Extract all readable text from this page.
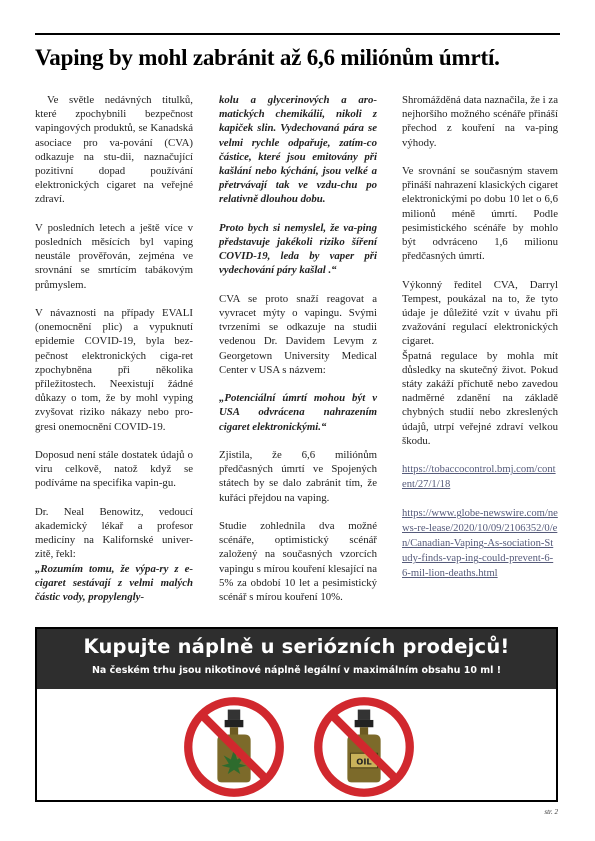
Vaping by mohl zabránit až 6,6 miliónům úmrtí.

Ve světle nedávných titulků, které zpochybnili bezpečnost vapingových produktů, se Kanadská asociace pro va-pování (CVA) odkazuje na stu-dii, naznačující pozitivní dopad používání elektronických cigaret na veřejné zdraví.

V posledních letech a ještě více v posledních měsících byl vaping neustále prověřován, zejména ve srovnání se smrtícím tabákovým průmyslem.

V návaznosti na případy EVALI (onemocnění plic) a vypuknutí epidemie COVID-19, byla bez-pečnost elektronických ciga-ret zpochybněna při několika příležitostech. Neexistují žádné důkazy o tom, že by mohl vyping zvyšovat riziko nákazy nebo pro-gresi onemocnění COVID-19.

Doposud není stále dostatek údajů o viru celkově, natož když se podíváme na specifika vapin-gu.

Dr. Neal Benowitz, vedoucí akademický lékař a profesor medicíny na Kalifornské univer-zitě, řekl:

„Rozumím tomu, že výpa-ry z e-cigaret sestávají z velmi malých částic vody, propylengly-

kolu a glycerinových a aro-matických chemikálií, nikoli z kapiček slin. Vydechovaná pára se velmi rychle odpařuje, zatím-co částice, které jsou emitovány při kašlání nebo kýchání, jsou velké a přetrvávají tak ve vzdu-chu po relativně dlouhou dobu.

Proto bych si nemyslel, že va-ping představuje jakékoli riziko šíření COVID-19, leda by vaper při vydechování páry kašlal .“

CVA se proto snaží reagovat a vyvracet mýty o vapingu. Svými tvrzeními se odkazuje na studii vedenou Dr. Davidem Levym z Georgetown University Medical Center v USA s názvem:

„Potenciální úmrtí mohou být v USA odvrácena nahrazením cigaret elektronickými.“

Zjistila, že 6,6 miliónům předčasných úmrtí ve Spojených státech by se dalo zabránit tím, že kuřáci přejdou na vaping.

Studie zohlednila dva možné scénáře, optimistický scénář založený na současných vzorcích vapingu s mírou kouření klesající na 5% za období 10 let a pesimistický scénář s mírou kouření 10%.

Shromážděná data naznačila, že i za nejhoršího možného scénáře přináší přechod z kouření na va-ping výhody.

Ve srovnání se současným stavem přináší nahrazení klasických cigaret elektronickými po dobu 10 let o 6,6 milionů méně úmrtí. Podle pesimistického scénáře by mohlo být odvráceno 1,6 milionu předčasných úmrtí.

Výkonný ředitel CVA, Darryl Tempest, poukázal na to, že tyto údaje je důležité vzít v úvahu při zvažování regulací elektronických cigaret.

Špatná regulace by mohla mít důsledky na skutečný život. Pokud státy zakáží příchutě nebo zavedou nadměrné zdanění na základě chybných studií nebo zkreslených údajů, utrpí veřejné zdraví velkou škodu.

https://tobaccocontrol.bmj.com/content/27/1/18

https://www.globe-newswire.com/news-re-lease/2020/10/09/2106352/0/en/Canadian-Vaping-As-sociation-Study-finds-vap-ing-could-prevent-6-6-mil-lion-deaths.html

Kupujte náplně u seriózních prodejců!
Na českém trhu jsou nikotinové náplně legální v maximálním obsahu 10 ml !
OIL
str. 2
